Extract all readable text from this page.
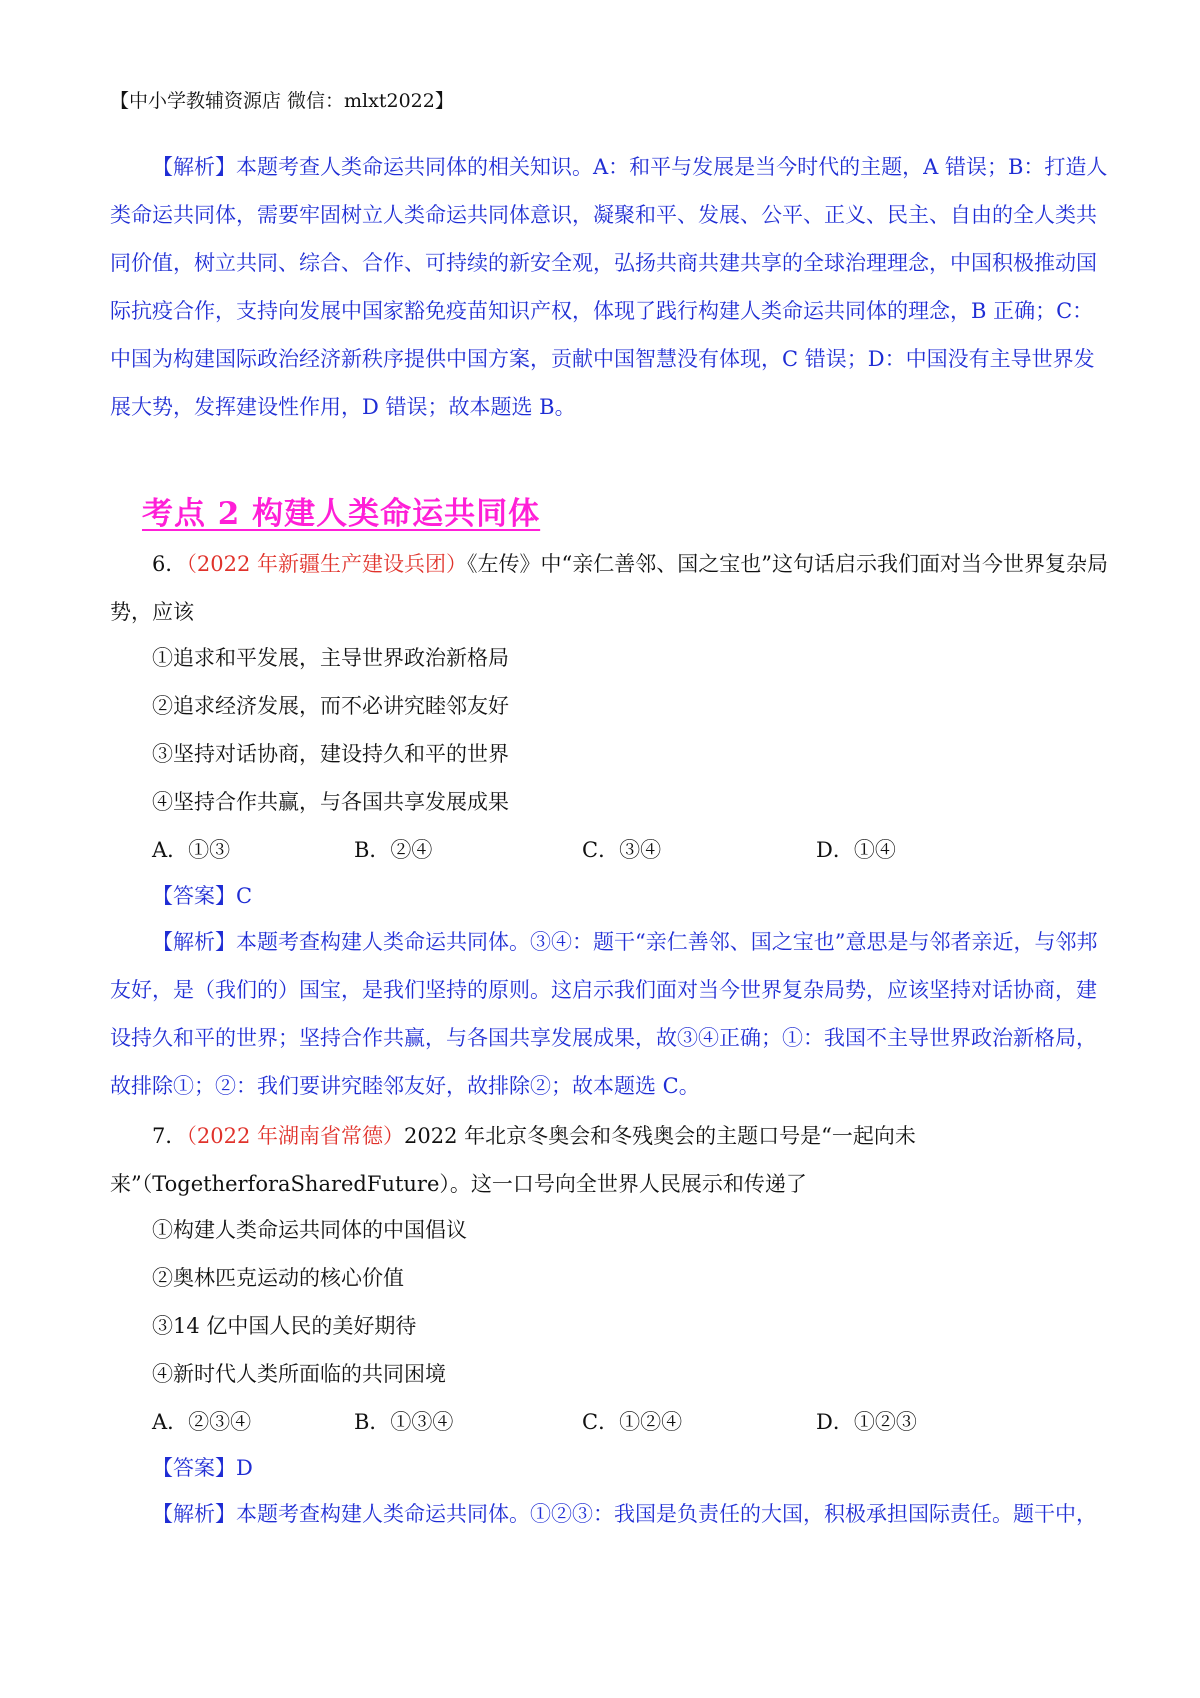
【中小学教辅资源店 微信：mlxt2022】
【解析】本题考查人类命运共同体的相关知识。A：和平与发展是当今时代的主题，A 错误；B：打造人类命运共同体，需要牢固树立人类命运共同体意识，凝聚和平、发展、公平、正义、民主、自由的全人类共同价值，树立共同、综合、合作、可持续的新安全观，弘扬共商共建共享的全球治理理念，中国积极推动国际抗疫合作，支持向发展中国家豁免疫苗知识产权，体现了践行构建人类命运共同体的理念，B 正确；C：中国为构建国际政治经济新秩序提供中国方案，贡献中国智慧没有体现，C 错误；D：中国没有主导世界发展大势，发挥建设性作用，D 错误；故本题选 B。
考点 2 构建人类命运共同体
6．（2022 年新疆生产建设兵团）《左传》中“亲仁善邻、国之宝也”这句话启示我们面对当今世界复杂局势，应该
①追求和平发展，主导世界政治新格局
②追求经济发展，而不必讲究睦邻友好
③坚持对话协商，建设持久和平的世界
④坚持合作共赢，与各国共享发展成果
A．①③	B．②④	C．③④	D．①④
【答案】C
【解析】本题考查构建人类命运共同体。③④：题干“亲仁善邻、国之宝也”意思是与邻者亲近，与邻邦友好，是（我们的）国宝，是我们坚持的原则。这启示我们面对当今世界复杂局势，应该坚持对话协商，建设持久和平的世界；坚持合作共赢，与各国共享发展成果，故③④正确；①：我国不主导世界政治新格局，故排除①；②：我们要讲究睦邻友好，故排除②；故本题选 C。
7．（2022 年湖南省常德）2022 年北京冬奥会和冬残奥会的主题口号是“一起向未来”（TogetherforaSharedFuture）。这一口号向全世界人民展示和传递了
①构建人类命运共同体的中国倡议
②奥林匹克运动的核心价值
③14 亿中国人民的美好期待
④新时代人类所面临的共同困境
A．②③④	B．①③④	C．①②④	D．①②③
【答案】D
【解析】本题考查构建人类命运共同体。①②③：我国是负责任的大国，积极承担国际责任。题干中，
